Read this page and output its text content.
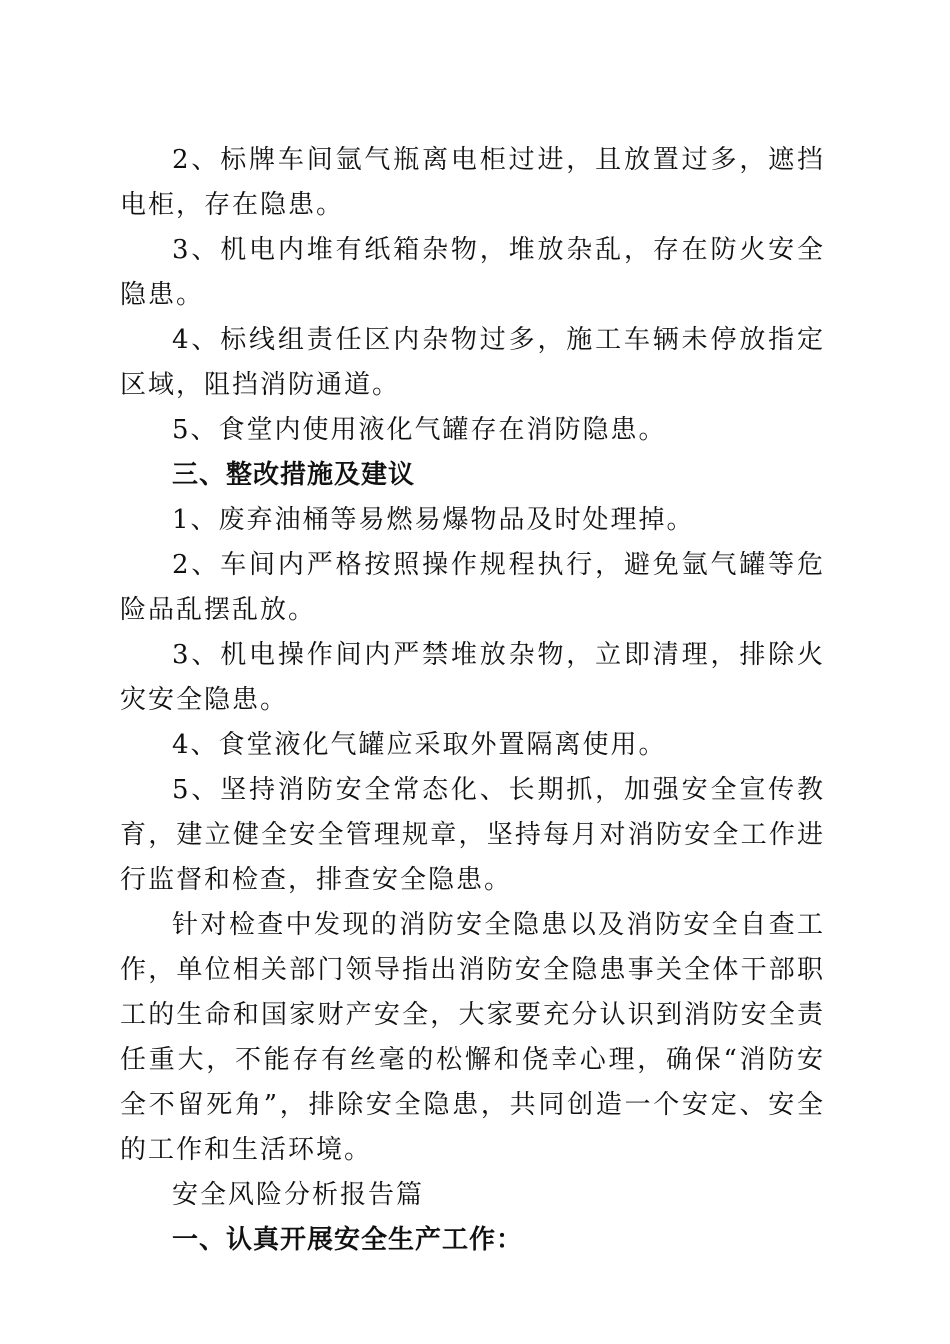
2、标牌车间氩气瓶离电柜过进，且放置过多，遮挡电柜，存在隐患。

3、机电内堆有纸箱杂物，堆放杂乱，存在防火安全隐患。

4、标线组责任区内杂物过多，施工车辆未停放指定区域，阻挡消防通道。

5、食堂内使用液化气罐存在消防隐患。

三、整改措施及建议

1、废弃油桶等易燃易爆物品及时处理掉。

2、车间内严格按照操作规程执行，避免氩气罐等危险品乱摆乱放。

3、机电操作间内严禁堆放杂物，立即清理，排除火灾安全隐患。

4、食堂液化气罐应采取外置隔离使用。

5、坚持消防安全常态化、长期抓，加强安全宣传教育，建立健全安全管理规章，坚持每月对消防安全工作进行监督和检查，排查安全隐患。

针对检查中发现的消防安全隐患以及消防安全自查工作，单位相关部门领导指出消防安全隐患事关全体干部职工的生命和国家财产安全，大家要充分认识到消防安全责任重大，不能存有丝毫的松懈和侥幸心理，确保“消防安全不留死角”，排除安全隐患，共同创造一个安定、安全的工作和生活环境。

安全风险分析报告篇

一、认真开展安全生产工作：
